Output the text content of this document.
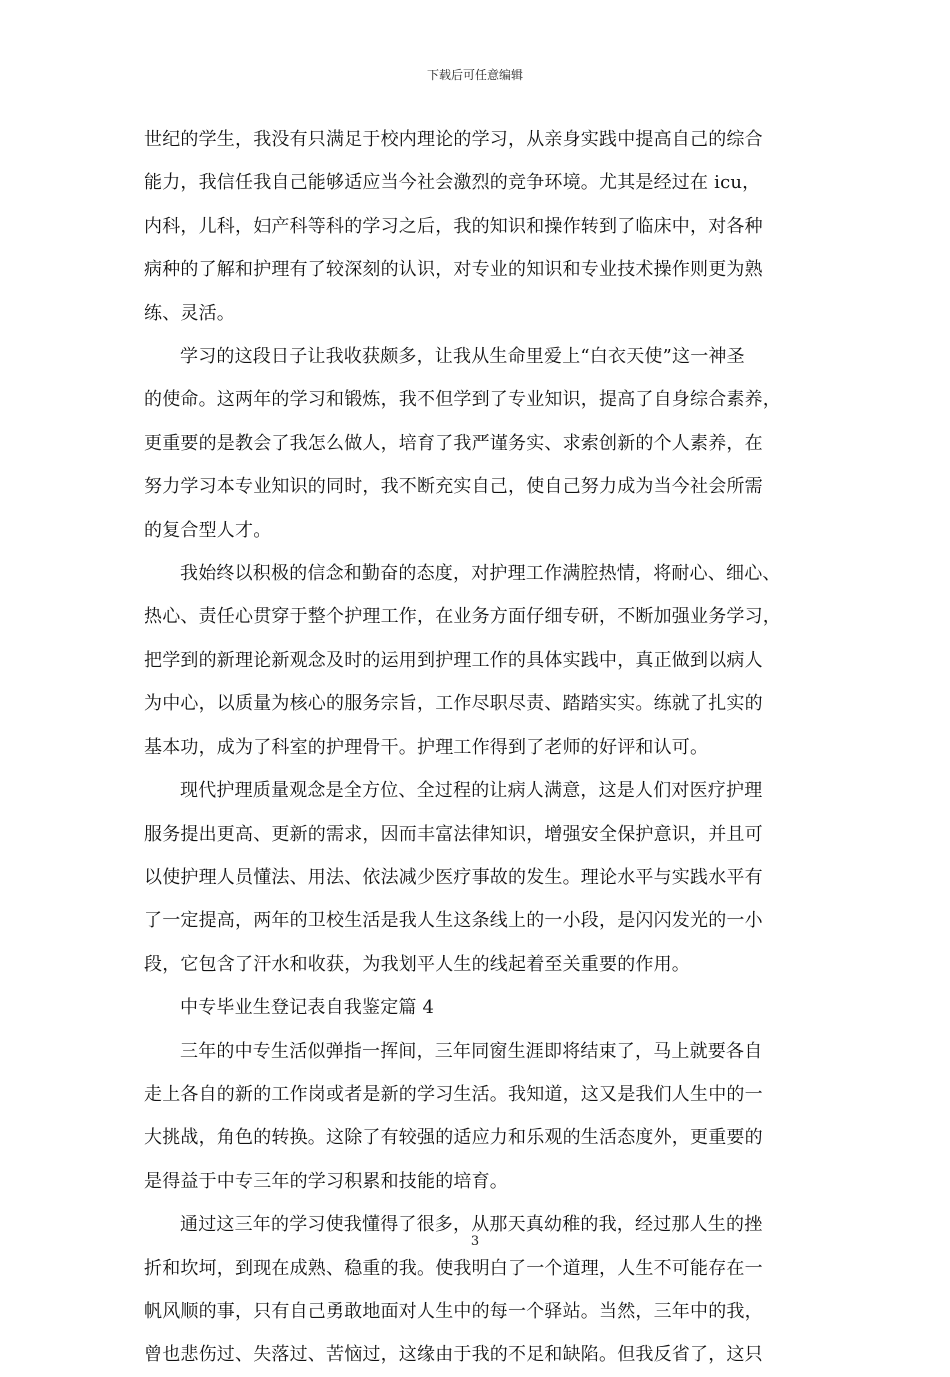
下载后可任意编辑

世纪的学生，我没有只满足于校内理论的学习，从亲身实践中提高自己的综合
能力，我信任我自己能够适应当今社会激烈的竞争环境。尤其是经过在 icu，
内科，儿科，妇产科等科的学习之后，我的知识和操作转到了临床中，对各种
病种的了解和护理有了较深刻的认识，对专业的知识和专业技术操作则更为熟
练、灵活。

学习的这段日子让我收获颇多，让我从生命里爱上“白衣天使”这一神圣
的使命。这两年的学习和锻炼，我不但学到了专业知识，提高了自身综合素养，
更重要的是教会了我怎么做人，培育了我严谨务实、求索创新的个人素养，在
努力学习本专业知识的同时，我不断充实自己，使自己努力成为当今社会所需
的复合型人才。

我始终以积极的信念和勤奋的态度，对护理工作满腔热情，将耐心、细心、
热心、责任心贯穿于整个护理工作，在业务方面仔细专研，不断加强业务学习，
把学到的新理论新观念及时的运用到护理工作的具体实践中，真正做到以病人
为中心，以质量为核心的服务宗旨，工作尽职尽责、踏踏实实。练就了扎实的
基本功，成为了科室的护理骨干。护理工作得到了老师的好评和认可。

现代护理质量观念是全方位、全过程的让病人满意，这是人们对医疗护理
服务提出更高、更新的需求，因而丰富法律知识，增强安全保护意识，并且可
以使护理人员懂法、用法、依法减少医疗事故的发生。理论水平与实践水平有
了一定提高，两年的卫校生活是我人生这条线上的一小段，是闪闪发光的一小
段，它包含了汗水和收获，为我划平人生的线起着至关重要的作用。

中专毕业生登记表自我鉴定篇 4

三年的中专生活似弹指一挥间，三年同窗生涯即将结束了，马上就要各自
走上各自的新的工作岗或者是新的学习生活。我知道，这又是我们人生中的一
大挑战，角色的转换。这除了有较强的适应力和乐观的生活态度外，更重要的
是得益于中专三年的学习积累和技能的培育。

通过这三年的学习使我懂得了很多，从那天真幼稚的我，经过那人生的挫
折和坎坷，到现在成熟、稳重的我。使我明白了一个道理，人生不可能存在一
帆风顺的事，只有自己勇敢地面对人生中的每一个驿站。当然，三年中的我，
曾也悲伤过、失落过、苦恼过，这缘由于我的不足和缺陷。但我反省了，这只

3
